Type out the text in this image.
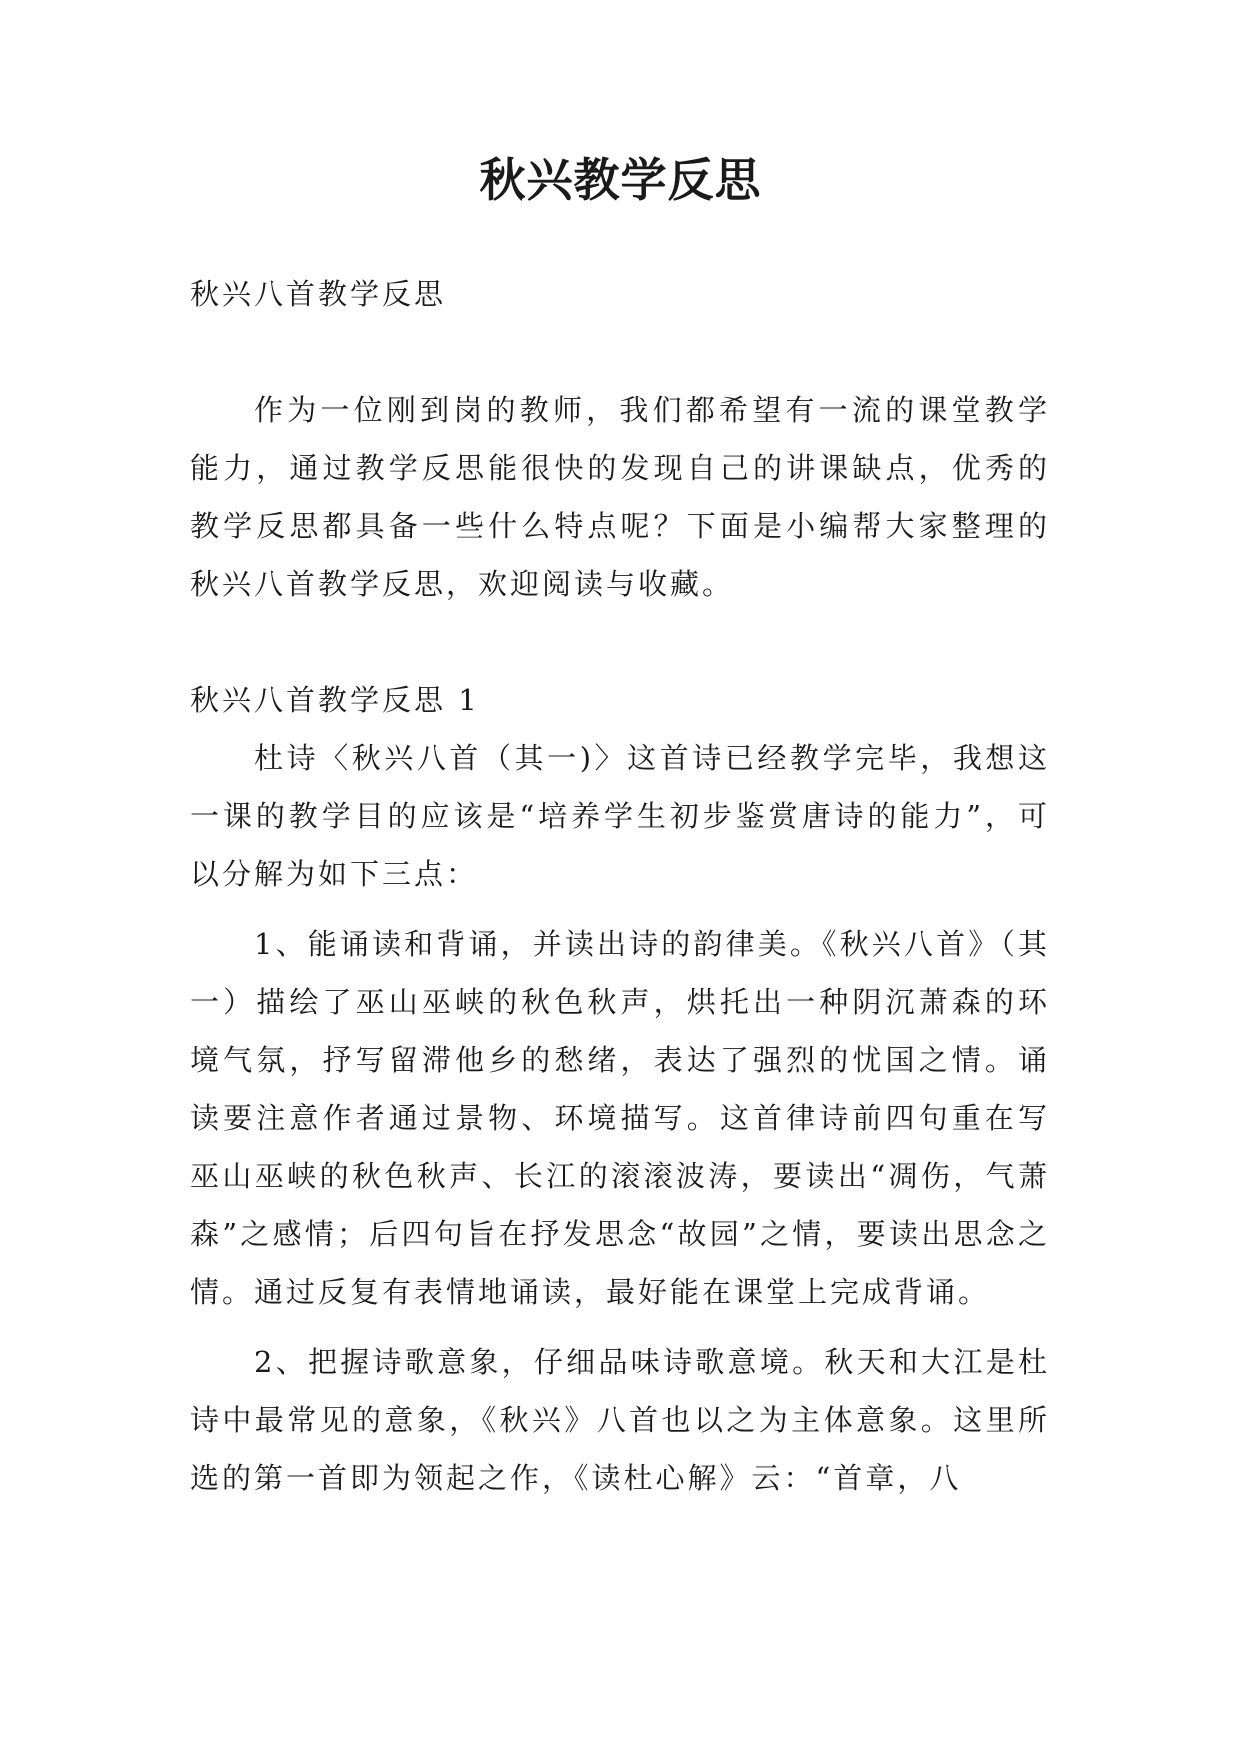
秋兴教学反思

秋兴八首教学反思

作为一位刚到岗的教师，我们都希望有一流的课堂教学能力，通过教学反思能很快的发现自己的讲课缺点，优秀的教学反思都具备一些什么特点呢？下面是小编帮大家整理的秋兴八首教学反思，欢迎阅读与收藏。

秋兴八首教学反思 1

杜诗〈秋兴八首（其一)〉这首诗已经教学完毕，我想这一课的教学目的应该是“培养学生初步鉴赏唐诗的能力”，可以分解为如下三点：

1、能诵读和背诵，并读出诗的韵律美。《秋兴八首》（其一）描绘了巫山巫峡的秋色秋声，烘托出一种阴沉萧森的环境气氛，抒写留滞他乡的愁绪，表达了强烈的忧国之情。诵读要注意作者通过景物、环境描写。这首律诗前四句重在写巫山巫峡的秋色秋声、长江的滚滚波涛，要读出“凋伤，气萧森”之感情；后四句旨在抒发思念“故园”之情，要读出思念之情。通过反复有表情地诵读，最好能在课堂上完成背诵。

2、把握诗歌意象，仔细品味诗歌意境。秋天和大江是杜诗中最常见的意象，《秋兴》八首也以之为主体意象。这里所选的第一首即为领起之作，《读杜心解》云：“首章，八
